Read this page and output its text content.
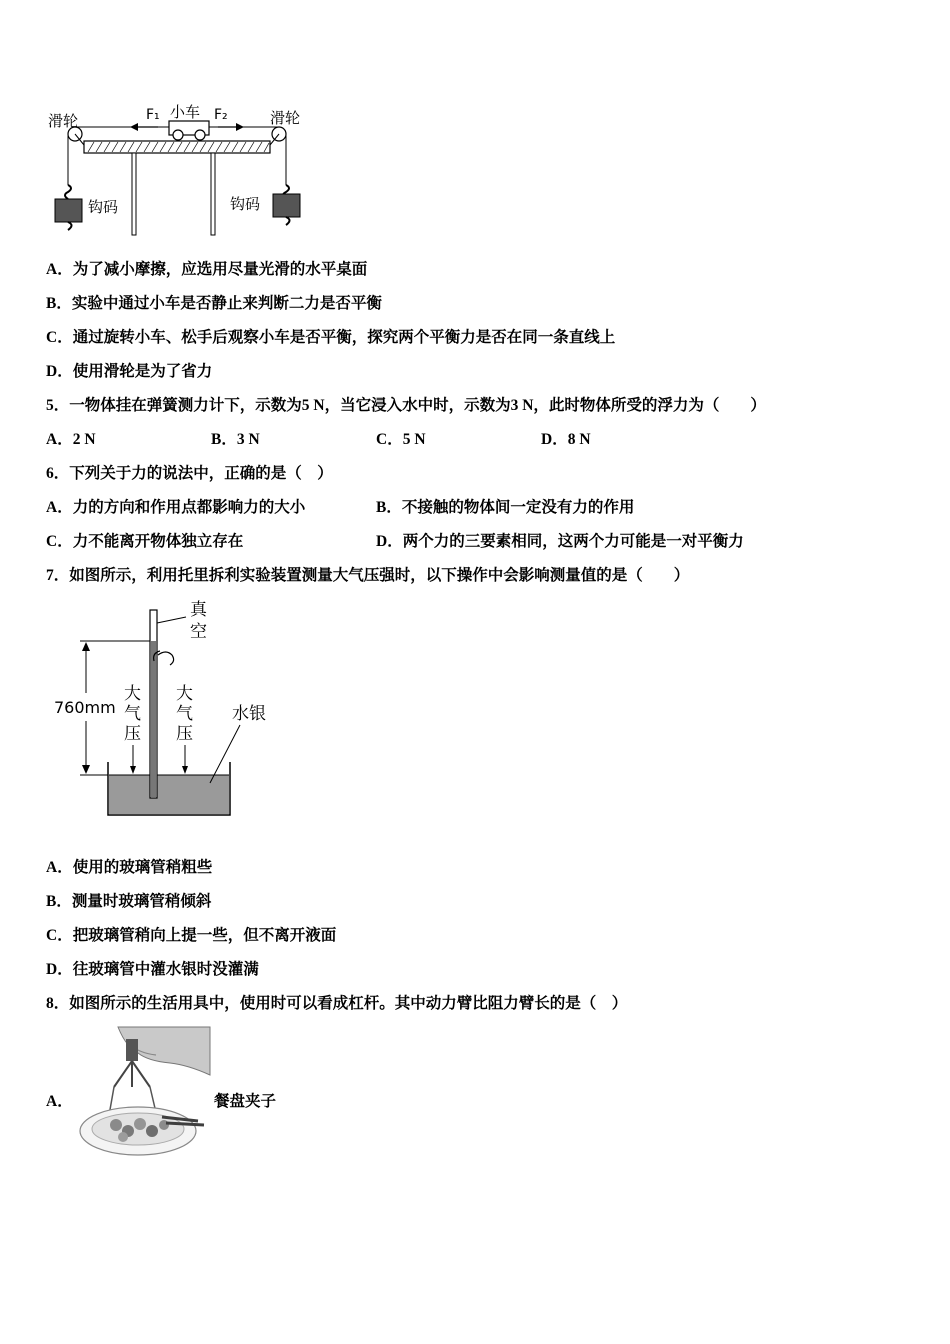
滑轮	滑轮
小车
F₁	F₂
钩码	钩码
A．为了减小摩擦，应选用尽量光滑的水平桌面
B．实验中通过小车是否静止来判断二力是否平衡
C．通过旋转小车、松手后观察小车是否平衡，探究两个平衡力是否在同一条直线上
D．使用滑轮是为了省力
5．一物体挂在弹簧测力计下，示数为5 N，当它浸入水中时，示数为3 N，此时物体所受的浮力为（　　）
A．2 N	B．3 N	C．5 N	D．8 N
6．下列关于力的说法中，正确的是（　）
A．力的方向和作用点都影响力的大小	B．不接触的物体间一定没有力的作用
C．力不能离开物体独立存在	D．两个力的三要素相同，这两个力可能是一对平衡力
7．如图所示，利用托里拆利实验装置测量大气压强时，以下操作中会影响测量值的是（　　）
760mm
真
空
大
气
压
大
气
压
水银
A．使用的玻璃管稍粗些
B．测量时玻璃管稍倾斜
C．把玻璃管稍向上提一些，但不离开液面
D．往玻璃管中灌水银时没灌满
8．如图所示的生活用具中，使用时可以看成杠杆。其中动力臂比阻力臂长的是（　）
A．	餐盘夹子
